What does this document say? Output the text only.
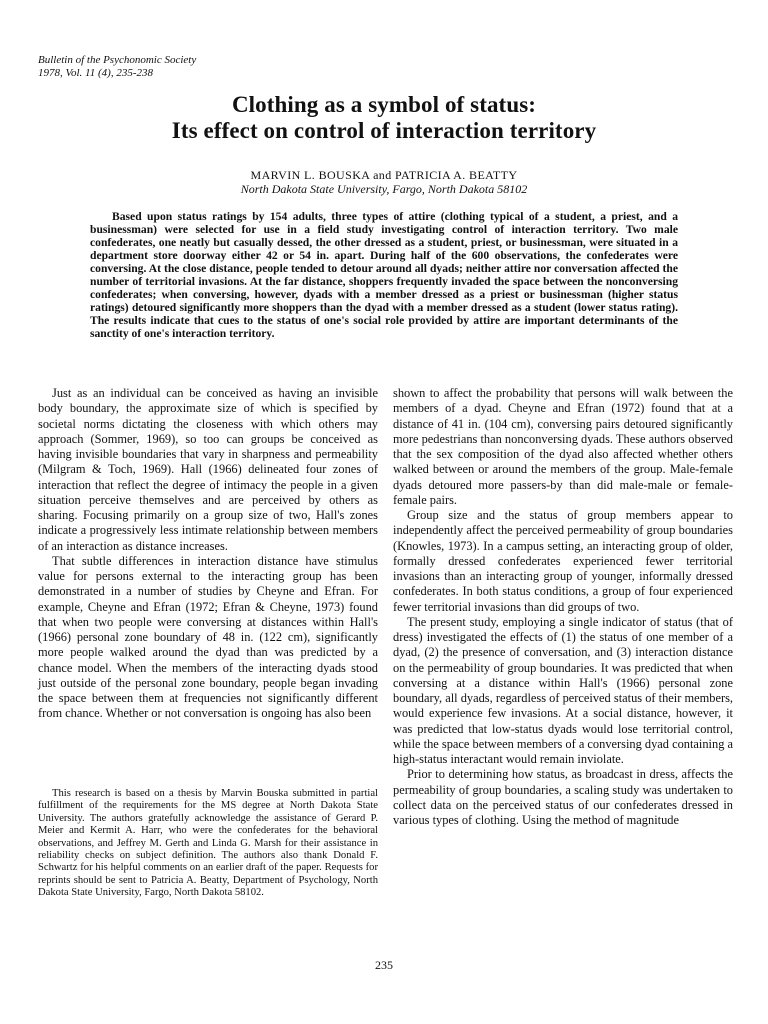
Bulletin of the Psychonomic Society
1978, Vol. 11 (4), 235-238
Clothing as a symbol of status:
Its effect on control of interaction territory
MARVIN L. BOUSKA and PATRICIA A. BEATTY
North Dakota State University, Fargo, North Dakota 58102

Based upon status ratings by 154 adults, three types of attire (clothing typical of a student, a priest, and a businessman) were selected for use in a field study investigating control of interaction territory. Two male confederates, one neatly but casually dessed, the other dressed as a student, priest, or businessman, were situated in a department store doorway either 42 or 54 in. apart. During half of the 600 observations, the confederates were conversing. At the close distance, people tended to detour around all dyads; neither attire nor conversation affected the number of territorial invasions. At the far distance, shoppers frequently invaded the space between the nonconversing confederates; when conversing, however, dyads with a member dressed as a priest or businessman (higher status ratings) detoured significantly more shoppers than the dyad with a member dressed as a student (lower status rating). The results indicate that cues to the status of one's social role provided by attire are important determinants of the sanctity of one's interaction territory.

Just as an individual can be conceived as having an invisible body boundary, the approximate size of which is specified by societal norms dictating the closeness with which others may approach (Sommer, 1969), so too can groups be conceived as having invisible boundaries that vary in sharpness and permeability (Milgram & Toch, 1969). Hall (1966) delineated four zones of interaction that reflect the degree of intimacy the people in a given situation perceive themselves and are perceived by others as sharing. Focusing primarily on a group size of two, Hall's zones indicate a progressively less intimate relationship between members of an interaction as distance increases.

That subtle differences in interaction distance have stimulus value for persons external to the interacting group has been demonstrated in a number of studies by Cheyne and Efran. For example, Cheyne and Efran (1972; Efran & Cheyne, 1973) found that when two people were conversing at distances within Hall's (1966) personal zone boundary of 48 in. (122 cm), significantly more people walked around the dyad than was predicted by a chance model. When the members of the interacting dyads stood just outside of the personal zone boundary, people began invading the space between them at frequencies not significantly different from chance. Whether or not conversation is ongoing has also been

This research is based on a thesis by Marvin Bouska submitted in partial fulfillment of the requirements for the MS degree at North Dakota State University. The authors gratefully acknowledge the assistance of Gerard P. Meier and Kermit A. Harr, who were the confederates for the behavioral observations, and Jeffrey M. Gerth and Linda G. Marsh for their assistance in reliability checks on subject definition. The authors also thank Donald F. Schwartz for his helpful comments on an earlier draft of the paper. Requests for reprints should be sent to Patricia A. Beatty, Department of Psychology, North Dakota State University, Fargo, North Dakota 58102.

shown to affect the probability that persons will walk between the members of a dyad. Cheyne and Efran (1972) found that at a distance of 41 in. (104 cm), conversing pairs detoured significantly more pedestrians than nonconversing dyads. These authors observed that the sex composition of the dyad also affected whether others walked between or around the members of the group. Male-female dyads detoured more passers-by than did male-male or female-female pairs.

Group size and the status of group members appear to independently affect the perceived permeability of group boundaries (Knowles, 1973). In a campus setting, an interacting group of older, formally dressed confederates experienced fewer territorial invasions than an interacting group of younger, informally dressed confederates. In both status conditions, a group of four experienced fewer territorial invasions than did groups of two.

The present study, employing a single indicator of status (that of dress) investigated the effects of (1) the status of one member of a dyad, (2) the presence of conversation, and (3) interaction distance on the permeability of group boundaries. It was predicted that when conversing at a distance within Hall's (1966) personal zone boundary, all dyads, regardless of perceived status of their members, would experience few invasions. At a social distance, however, it was predicted that low-status dyads would lose territorial control, while the space between members of a conversing dyad containing a high-status interactant would remain inviolate.

Prior to determining how status, as broadcast in dress, affects the permeability of group boundaries, a scaling study was undertaken to collect data on the perceived status of our confederates dressed in various types of clothing. Using the method of magnitude

235
